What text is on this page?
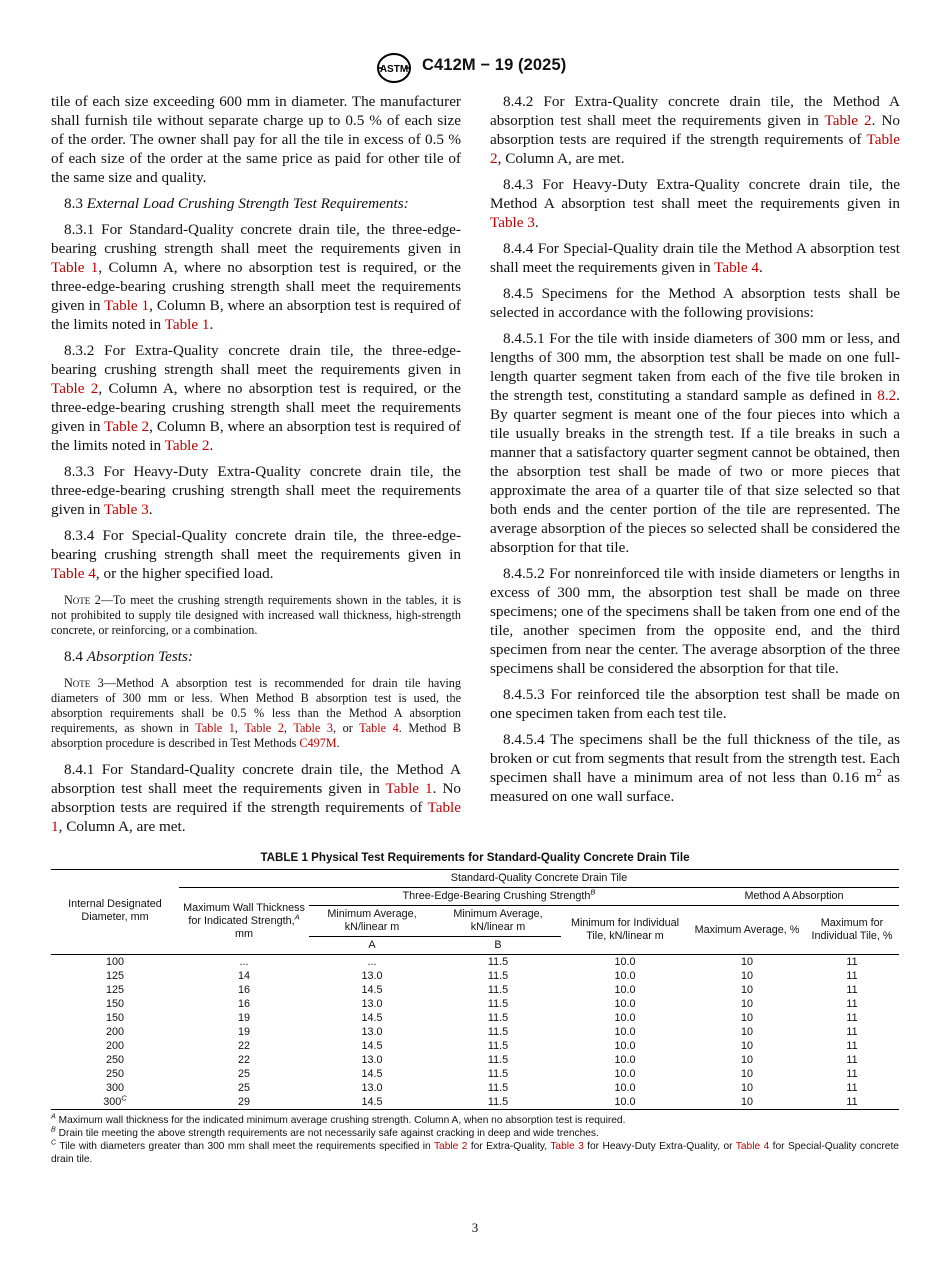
ASTM C412M − 19 (2025)

tile of each size exceeding 600 mm in diameter. The manufacturer shall furnish tile without separate charge up to 0.5 % of each size of the order. The owner shall pay for all the tile in excess of 0.5 % of each size of the order at the same price as paid for other tile of the same size and quality.

8.3 External Load Crushing Strength Test Requirements:

8.3.1 For Standard-Quality concrete drain tile, the three-edge-bearing crushing strength shall meet the requirements given in Table 1, Column A, where no absorption test is required, or the three-edge-bearing crushing strength shall meet the requirements given in Table 1, Column B, where an absorption test is required of the limits noted in Table 1.

8.3.2 For Extra-Quality concrete drain tile, the three-edge-bearing crushing strength shall meet the requirements given in Table 2, Column A, where no absorption test is required, or the three-edge-bearing crushing strength shall meet the requirements given in Table 2, Column B, where an absorption test is required of the limits noted in Table 2.

8.3.3 For Heavy-Duty Extra-Quality concrete drain tile, the three-edge-bearing crushing strength shall meet the requirements given in Table 3.

8.3.4 For Special-Quality concrete drain tile, the three-edge-bearing crushing strength shall meet the requirements given in Table 4, or the higher specified load.

Note 2—To meet the crushing strength requirements shown in the tables, it is not prohibited to supply tile designed with increased wall thickness, high-strength concrete, or reinforcing, or a combination.

8.4 Absorption Tests:

Note 3—Method A absorption test is recommended for drain tile having diameters of 300 mm or less. When Method B absorption test is used, the absorption requirements shall be 0.5 % less than the Method A absorption requirements, as shown in Table 1, Table 2, Table 3, or Table 4. Method B absorption procedure is described in Test Methods C497M.

8.4.1 For Standard-Quality concrete drain tile, the Method A absorption test shall meet the requirements given in Table 1. No absorption tests are required if the strength requirements of Table 1, Column A, are met.

8.4.2 For Extra-Quality concrete drain tile, the Method A absorption test shall meet the requirements given in Table 2. No absorption tests are required if the strength requirements of Table 2, Column A, are met.

8.4.3 For Heavy-Duty Extra-Quality concrete drain tile, the Method A absorption test shall meet the requirements given in Table 3.

8.4.4 For Special-Quality drain tile the Method A absorption test shall meet the requirements given in Table 4.

8.4.5 Specimens for the Method A absorption tests shall be selected in accordance with the following provisions:

8.4.5.1 For the tile with inside diameters of 300 mm or less, and lengths of 300 mm, the absorption test shall be made on one full-length quarter segment taken from each of the five tile broken in the strength test, constituting a standard sample as defined in 8.2. By quarter segment is meant one of the four pieces into which a tile usually breaks in the strength test. If a tile breaks in such a manner that a satisfactory quarter segment cannot be obtained, then the absorption test shall be made of two or more pieces that approximate the area of a quarter tile of that size selected so that both ends and the center portion of the tile are represented. The average absorption of the pieces so selected shall be considered the absorption for that tile.

8.4.5.2 For nonreinforced tile with inside diameters or lengths in excess of 300 mm, the absorption test shall be made on three specimens; one of the specimens shall be taken from one end of the tile, another specimen from the opposite end, and the third specimen from near the center. The average absorption of the three specimens shall be considered the absorption for that tile.

8.4.5.3 For reinforced tile the absorption test shall be made on one specimen taken from each test tile.

8.4.5.4 The specimens shall be the full thickness of the tile, as broken or cut from segments that result from the strength test. Each specimen shall have a minimum area of not less than 0.16 $m^2$ as measured on one wall surface.

TABLE 1 Physical Test Requirements for Standard-Quality Concrete Drain Tile
Internal Designated Diameter, mm	Standard-Quality Concrete Drain Tile					
	Maximum Wall Thickness for Indicated Strength,$^A$ mm	Three-Edge-Bearing Crushing Strength$^B$			Method A Absorption	
		Minimum Average, kN/linear m	Minimum Average, kN/linear m	Minimum for Individual Tile, kN/linear m	Maximum Average, %	Maximum for Individual Tile, %
		A	B			
100	...	...	11.5	10.0	10	11
125	14	13.0	11.5	10.0	10	11
125	16	14.5	11.5	10.0	10	11
150	16	13.0	11.5	10.0	10	11
150	19	14.5	11.5	10.0	10	11
200	19	13.0	11.5	10.0	10	11
200	22	14.5	11.5	10.0	10	11
250	22	13.0	11.5	10.0	10	11
250	25	14.5	11.5	10.0	10	11
300	25	13.0	11.5	10.0	10	11
$300^C$	29	14.5	11.5	10.0	10	11

$^A$ Maximum wall thickness for the indicated minimum average crushing strength. Column A, when no absorption test is required.

$^B$ Drain tile meeting the above strength requirements are not necessarily safe against cracking in deep and wide trenches.

$^C$ Tile with diameters greater than 300 mm shall meet the requirements specified in Table 2 for Extra-Quality, Table 3 for Heavy-Duty Extra-Quality, or Table 4 for Special-Quality concrete drain tile.

3
